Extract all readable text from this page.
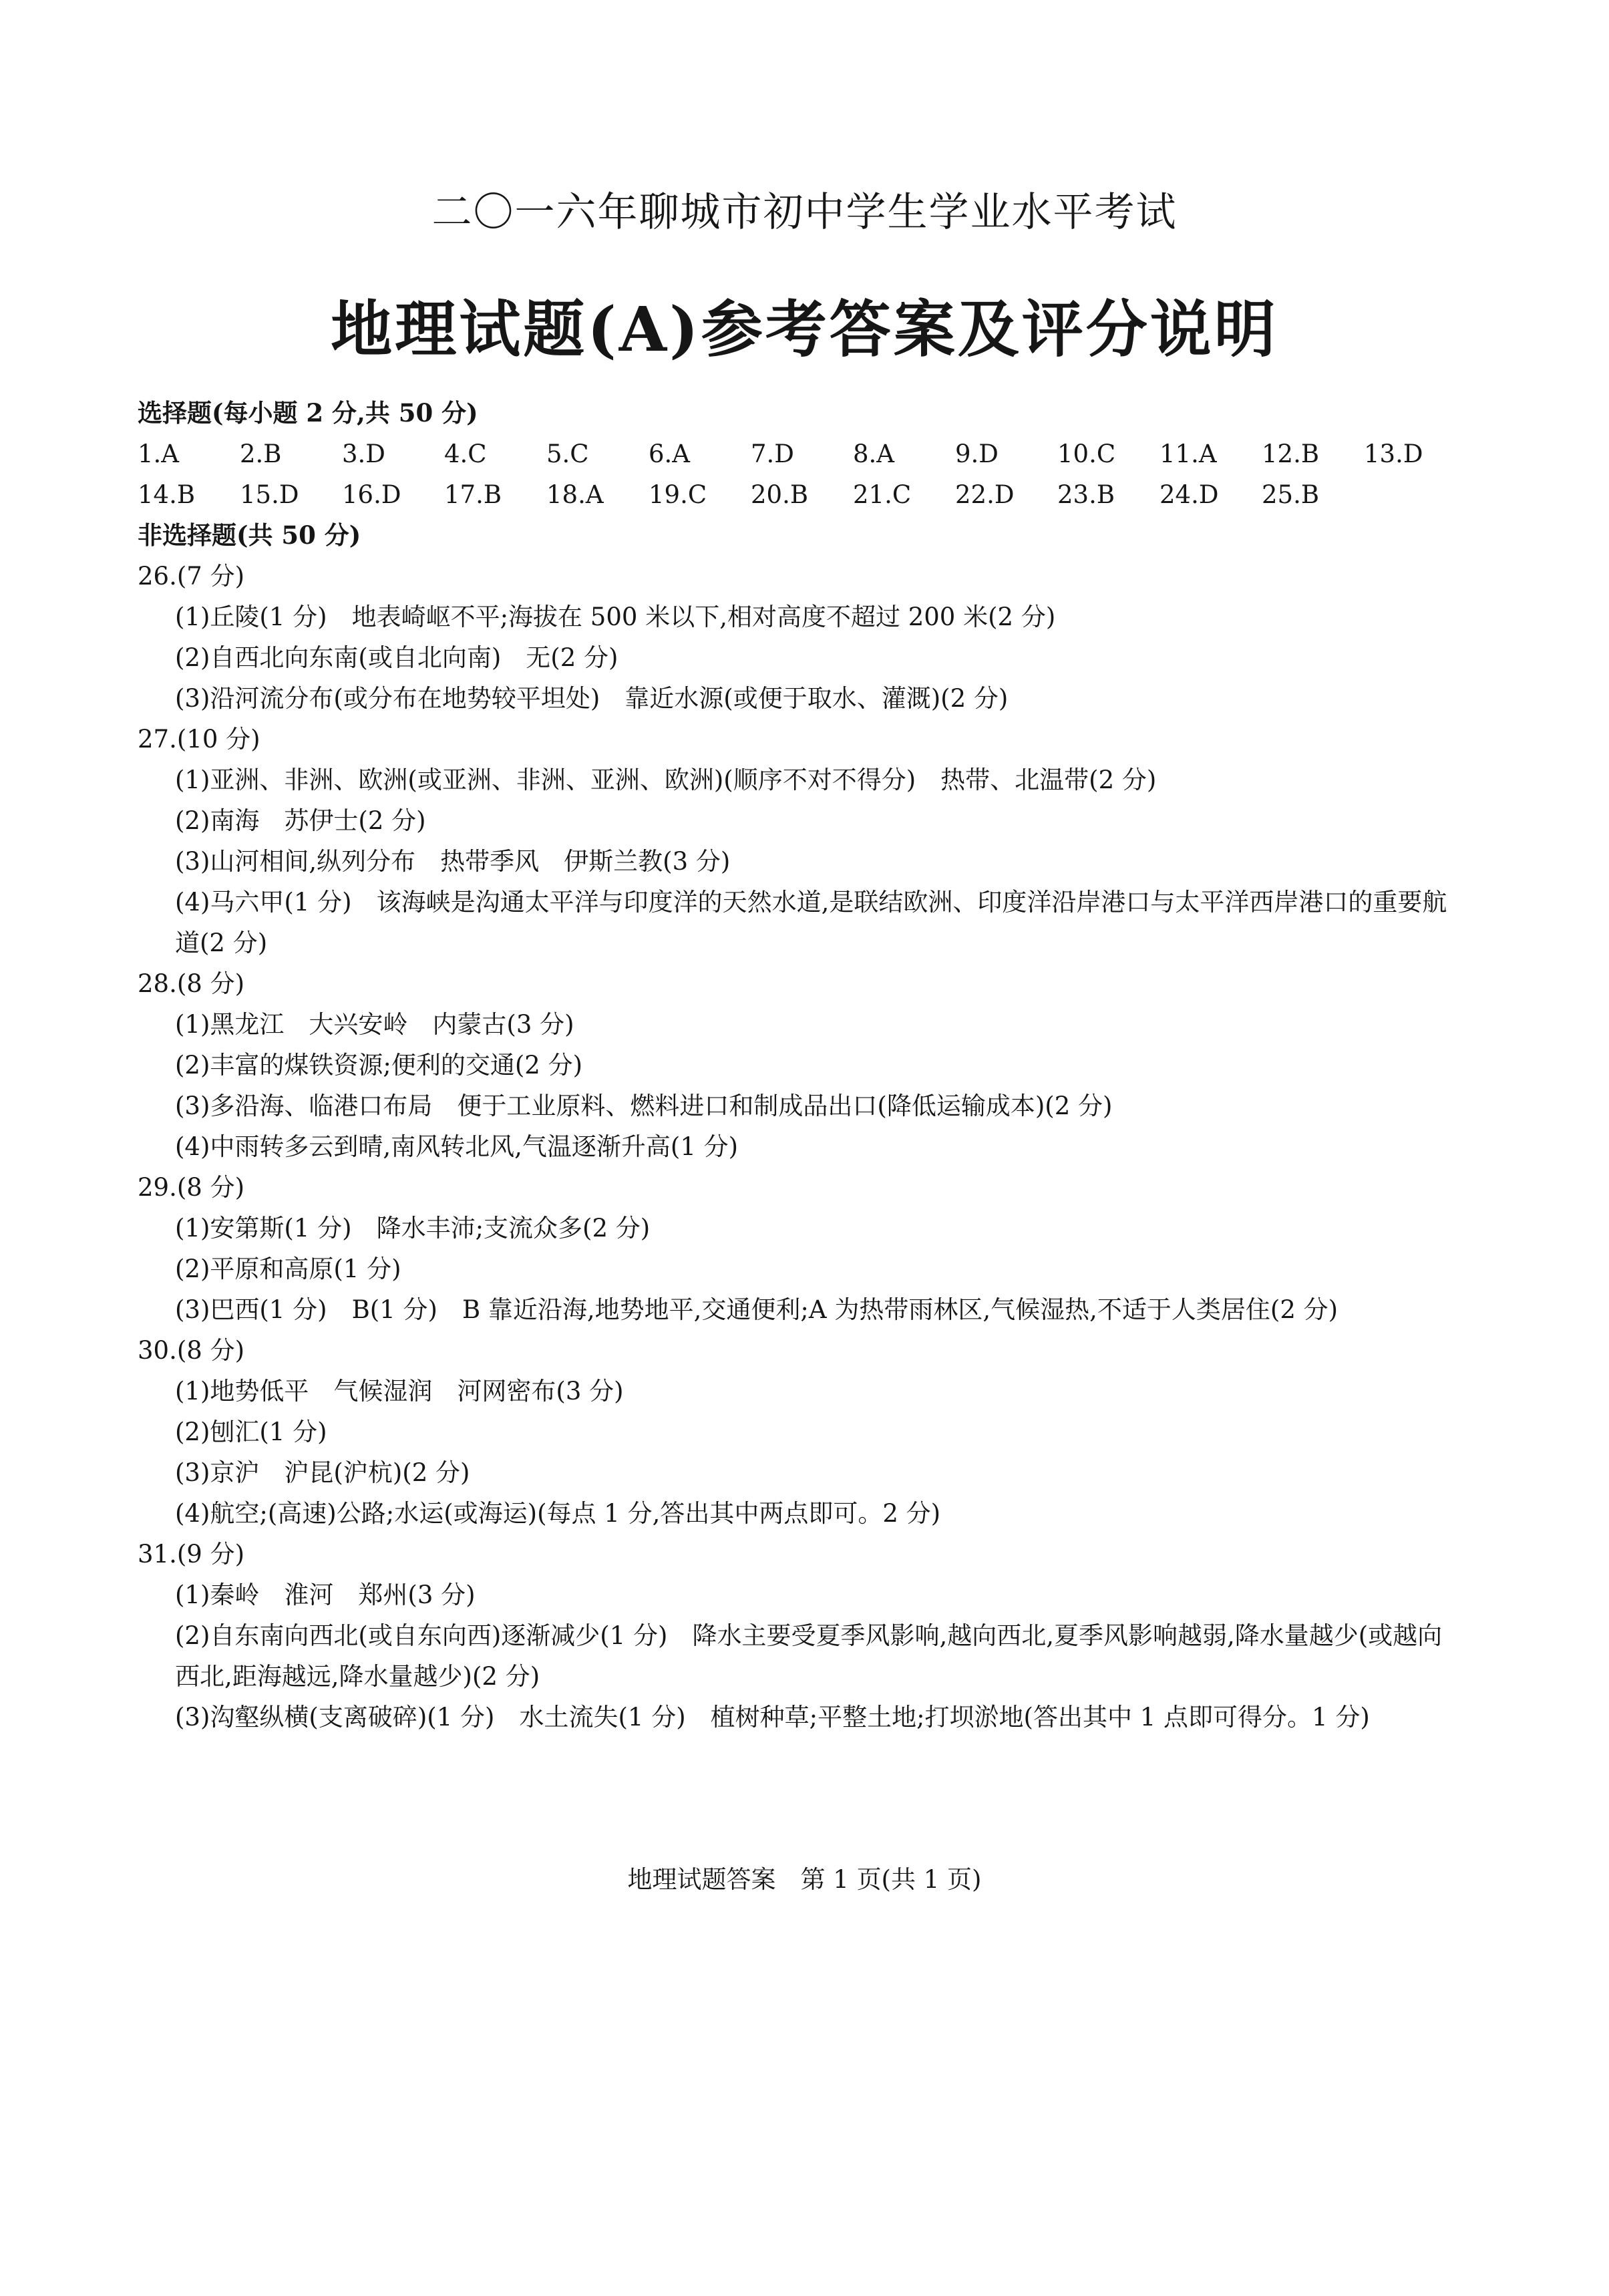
二〇一六年聊城市初中学生学业水平考试
地理试题(A)参考答案及评分说明
选择题(每小题 2 分,共 50 分)
1.A	2.B	3.D	4.C	5.C	6.A	7.D	8.A	9.D	10.C	11.A	12.B	13.D
14.B	15.D	16.D	17.B	18.A	19.C	20.B	21.C	22.D	23.B	24.D	25.B
非选择题(共 50 分)
26.(7 分)
(1)丘陵(1 分)　地表崎岖不平;海拔在 500 米以下,相对高度不超过 200 米(2 分)
(2)自西北向东南(或自北向南)　无(2 分)
(3)沿河流分布(或分布在地势较平坦处)　靠近水源(或便于取水、灌溉)(2 分)
27.(10 分)
(1)亚洲、非洲、欧洲(或亚洲、非洲、亚洲、欧洲)(顺序不对不得分)　热带、北温带(2 分)
(2)南海　苏伊士(2 分)
(3)山河相间,纵列分布　热带季风　伊斯兰教(3 分)
(4)马六甲(1 分)　该海峡是沟通太平洋与印度洋的天然水道,是联结欧洲、印度洋沿岸港口与太平洋西岸港口的重要航道(2 分)
28.(8 分)
(1)黑龙江　大兴安岭　内蒙古(3 分)
(2)丰富的煤铁资源;便利的交通(2 分)
(3)多沿海、临港口布局　便于工业原料、燃料进口和制成品出口(降低运输成本)(2 分)
(4)中雨转多云到晴,南风转北风,气温逐渐升高(1 分)
29.(8 分)
(1)安第斯(1 分)　降水丰沛;支流众多(2 分)
(2)平原和高原(1 分)
(3)巴西(1 分)　B(1 分)　B 靠近沿海,地势地平,交通便利;A 为热带雨林区,气候湿热,不适于人类居住(2 分)
30.(8 分)
(1)地势低平　气候湿润　河网密布(3 分)
(2)刨汇(1 分)
(3)京沪　沪昆(沪杭)(2 分)
(4)航空;(高速)公路;水运(或海运)(每点 1 分,答出其中两点即可。2 分)
31.(9 分)
(1)秦岭　淮河　郑州(3 分)
(2)自东南向西北(或自东向西)逐渐减少(1 分)　降水主要受夏季风影响,越向西北,夏季风影响越弱,降水量越少(或越向西北,距海越远,降水量越少)(2 分)
(3)沟壑纵横(支离破碎)(1 分)　水土流失(1 分)　植树种草;平整土地;打坝淤地(答出其中 1 点即可得分。1 分)
地理试题答案　第 1 页(共 1 页)
